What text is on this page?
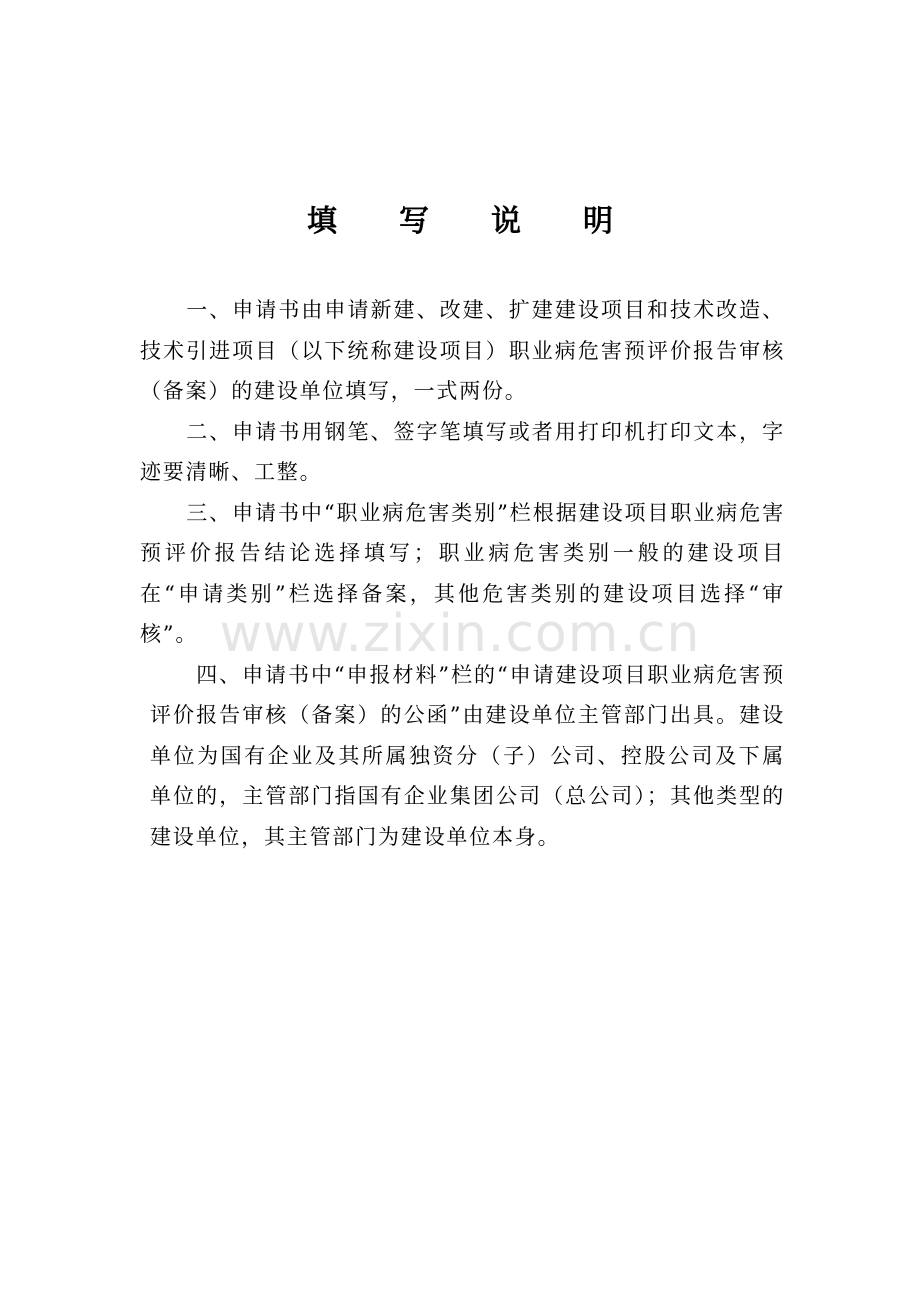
填写说明

一、申请书由申请新建、改建、扩建建设项目和技术改造、技术引进项目（以下统称建设项目）职业病危害预评价报告审核（备案）的建设单位填写，一式两份。

二、申请书用钢笔、签字笔填写或者用打印机打印文本，字迹要清晰、工整。

三、申请书中“职业病危害类别”栏根据建设项目职业病危害预评价报告结论选择填写；职业病危害类别一般的建设项目在“申请类别”栏选择备案，其他危害类别的建设项目选择“审核”。

四、申请书中“申报材料”栏的“申请建设项目职业病危害预评价报告审核（备案）的公函”由建设单位主管部门出具。建设单位为国有企业及其所属独资分（子）公司、控股公司及下属单位的，主管部门指国有企业集团公司（总公司）；其他类型的建设单位，其主管部门为建设单位本身。

www.zixin.com.cn
